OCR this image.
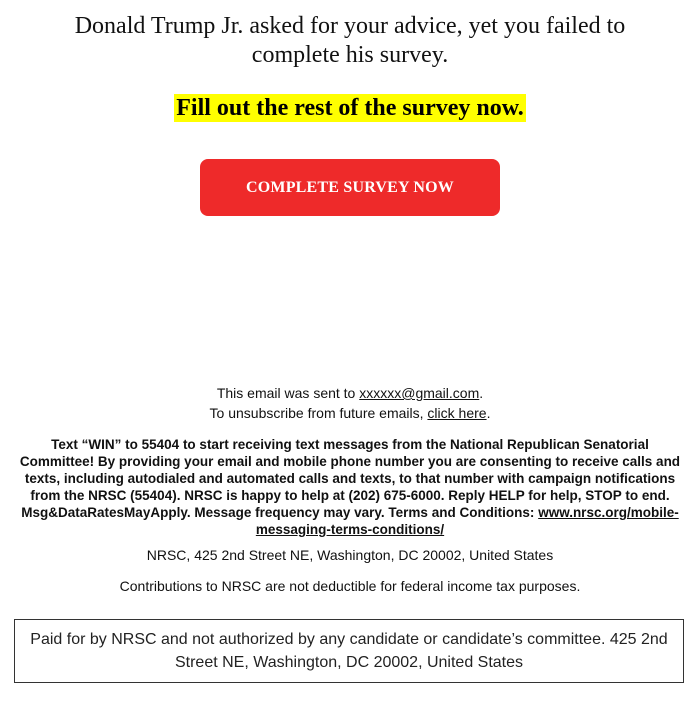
Donald Trump Jr. asked for your advice, yet you failed to complete his survey.
Fill out the rest of the survey now.
COMPLETE SURVEY NOW
This email was sent to xxxxxx@gmail.com.
To unsubscribe from future emails, click here.
Text “WIN” to 55404 to start receiving text messages from the National Republican Senatorial Committee! By providing your email and mobile phone number you are consenting to receive calls and texts, including autodialed and automated calls and texts, to that number with campaign notifications from the NRSC (55404). NRSC is happy to help at (202) 675-6000. Reply HELP for help, STOP to end. Msg&DataRatesMayApply. Message frequency may vary. Terms and Conditions: www.nrsc.org/mobile-messaging-terms-conditions/
NRSC, 425 2nd Street NE, Washington, DC 20002, United States
Contributions to NRSC are not deductible for federal income tax purposes.
Paid for by NRSC and not authorized by any candidate or candidate’s committee. 425 2nd Street NE, Washington, DC 20002, United States
